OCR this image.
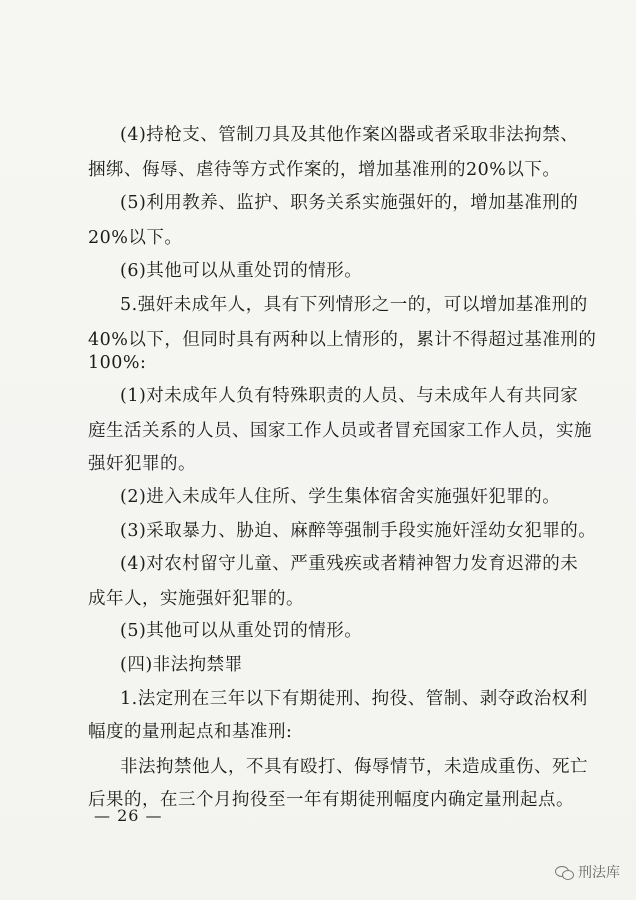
(4)持枪支、管制刀具及其他作案凶器或者采取非法拘禁、
捆绑、侮辱、虐待等方式作案的，增加基准刑的20%以下。
(5)利用教养、监护、职务关系实施强奸的，增加基准刑的
20%以下。
(6)其他可以从重处罚的情形。
5.强奸未成年人，具有下列情形之一的，可以增加基准刑的
40%以下，但同时具有两种以上情形的，累计不得超过基准刑的
100%:
(1)对未成年人负有特殊职责的人员、与未成年人有共同家
庭生活关系的人员、国家工作人员或者冒充国家工作人员，实施
强奸犯罪的。
(2)进入未成年人住所、学生集体宿舍实施强奸犯罪的。
(3)采取暴力、胁迫、麻醉等强制手段实施奸淫幼女犯罪的。
(4)对农村留守儿童、严重残疾或者精神智力发育迟滞的未
成年人，实施强奸犯罪的。
(5)其他可以从重处罚的情形。
(四)非法拘禁罪
1.法定刑在三年以下有期徒刑、拘役、管制、剥夺政治权利
幅度的量刑起点和基准刑:
非法拘禁他人，不具有殴打、侮辱情节，未造成重伤、死亡
后果的，在三个月拘役至一年有期徒刑幅度内确定量刑起点。
— 26 —
刑法库
